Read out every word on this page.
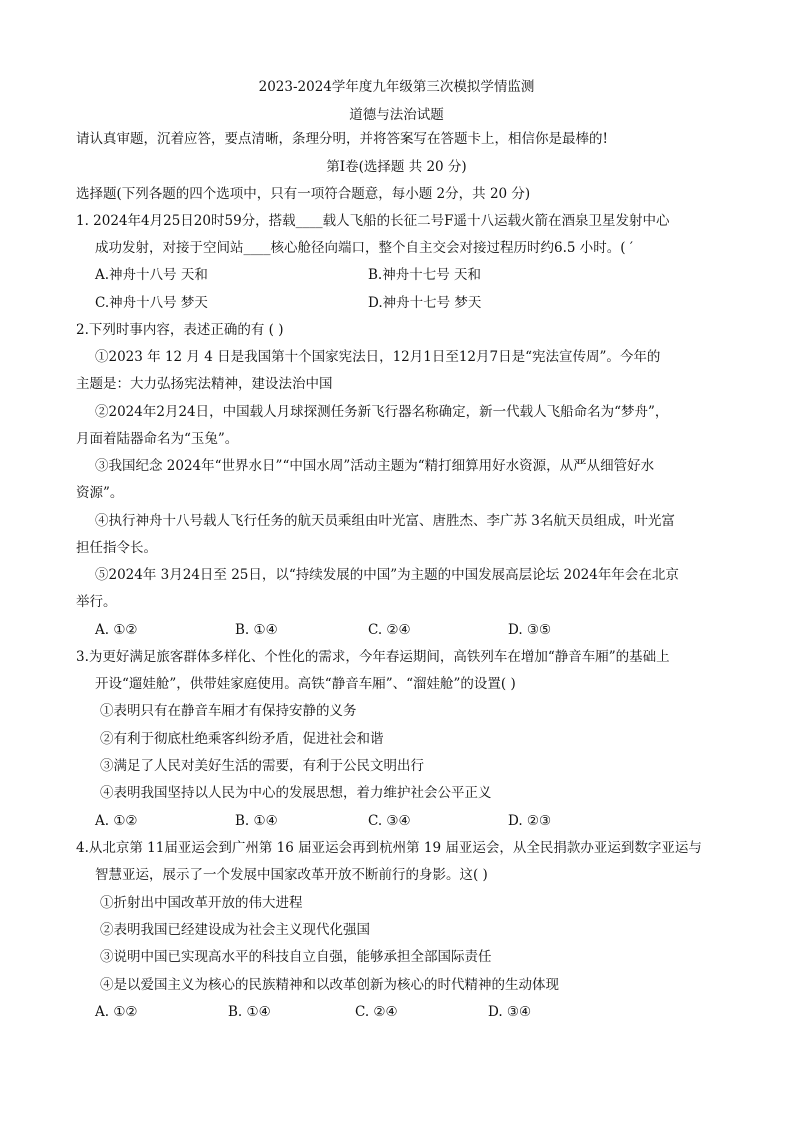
2023-2024学年度九年级第三次模拟学情监测
道德与法治试题
请认真审题，沉着应答，要点清晰，条理分明，并将答案写在答题卡上，相信你是最棒的!
第Ⅰ卷(选择题 共 20 分)
选择题(下列各题的四个选项中，只有一项符合题意，每小题 2分，共 20 分)
1. 2024年4月25日20时59分，搭载____载人飞船的长征二号F遥十八运载火箭在酒泉卫星发射中心
成功发射，对接于空间站____核心舱径向端口，整个自主交会对接过程历时约6.5 小时。( ′
A.神舟十八号 天和	B.神舟十七号 天和
C.神舟十八号 梦天	D.神舟十七号 梦天
2.下列时事内容，表述正确的有 ( )
①2023 年 12 月 4 日是我国第十个国家宪法日，12月1日至12月7日是“宪法宣传周”。今年的
主题是：大力弘扬宪法精神，建设法治中国
②2024年2月24日，中国载人月球探测任务新飞行器名称确定，新一代载人飞船命名为“梦舟”，
月面着陆器命名为“玉兔”。
③我国纪念 2024年“世界水日”“中国水周”活动主题为“精打细算用好水资源，从严从细管好水
资源”。
④执行神舟十八号载人飞行任务的航天员乘组由叶光富、唐胜杰、李广苏 3名航天员组成，叶光富
担任指令长。
⑤2024年 3月24日至 25日，以“持续发展的中国”为主题的中国发展高层论坛 2024年年会在北京
举行。
A. ①②	B. ①④	C. ②④	D. ③⑤
3.为更好满足旅客群体多样化、个性化的需求，今年春运期间，高铁列车在增加“静音车厢”的基础上
开设“遛娃舱”，供带娃家庭使用。高铁“静音车厢”、“溜娃舱”的设置( )
①表明只有在静音车厢才有保持安静的义务
②有利于彻底杜绝乘客纠纷矛盾，促进社会和谐
③满足了人民对美好生活的需要，有利于公民文明出行
④表明我国坚持以人民为中心的发展思想，着力维护社会公平正义
A. ①②	B. ①④	C. ③④	D. ②③
4.从北京第 11届亚运会到广州第 16 届亚运会再到杭州第 19 届亚运会，从全民捐款办亚运到数字亚运与
智慧亚运，展示了一个发展中国家改革开放不断前行的身影。这( )
①折射出中国改革开放的伟大进程
②表明我国已经建设成为社会主义现代化强国
③说明中国已实现高水平的科技自立自强，能够承担全部国际责任
④是以爱国主义为核心的民族精神和以改革创新为核心的时代精神的生动体现
A. ①②	B. ①④	C. ②④	D. ③④
